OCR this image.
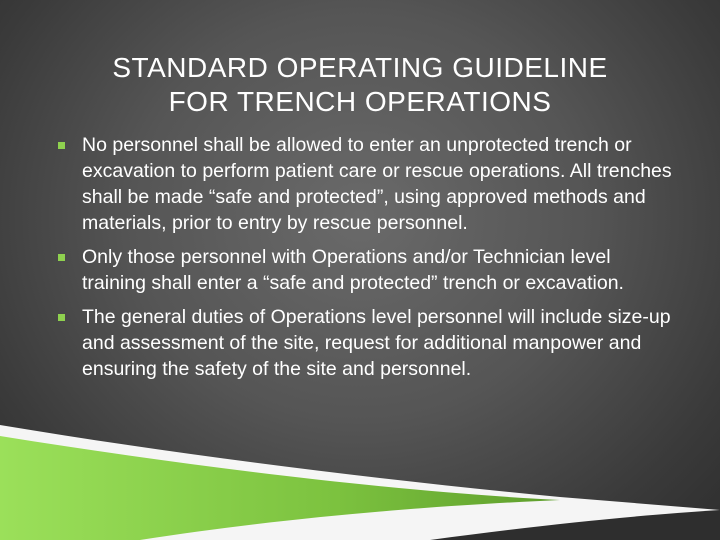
STANDARD OPERATING GUIDELINE
FOR TRENCH OPERATIONS
No personnel shall be allowed to enter an unprotected trench or excavation to perform patient care or rescue operations. All trenches shall be made “safe and protected”, using approved methods and materials, prior to entry by rescue personnel.
Only those personnel with Operations and/or Technician level training shall enter a “safe and protected” trench or excavation.
The general duties of Operations level personnel will include size-up and assessment of the site, request for additional manpower and ensuring the safety of the site and personnel.
